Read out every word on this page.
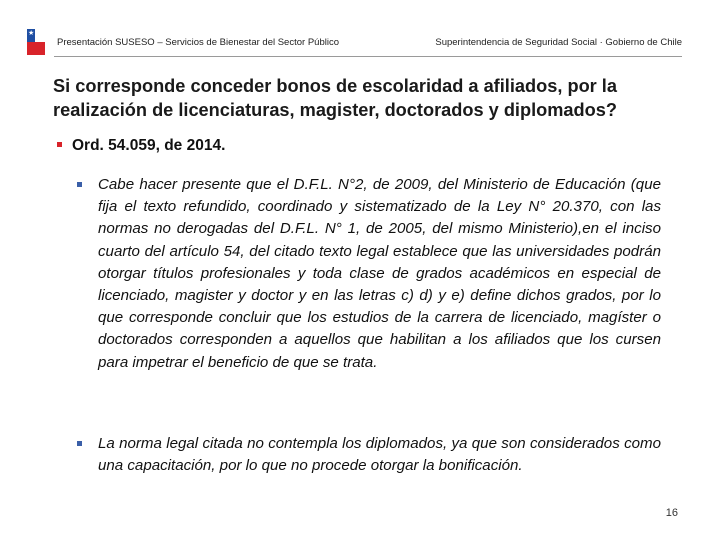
★
Presentación SUSESO – Servicios de Bienestar del Sector Público	Superintendencia de Seguridad Social · Gobierno de Chile
Si corresponde conceder bonos de escolaridad a afiliados, por la realización de licenciaturas, magister, doctorados y diplomados?
Ord. 54.059, de 2014.
Cabe hacer presente que el D.F.L. N°2, de 2009, del Ministerio de Educación (que fija el texto refundido, coordinado y sistematizado de la Ley N° 20.370, con las normas no derogadas del D.F.L. N° 1, de 2005, del mismo Ministerio),en el inciso cuarto del artículo 54, del citado texto legal establece que las universidades podrán otorgar títulos profesionales y toda clase de grados académicos en especial de licenciado, magister y doctor y en las letras c) d) y e) define dichos grados, por lo que corresponde concluir que los estudios de la carrera de licenciado, magíster o doctorados corresponden a aquellos que habilitan a los afiliados que los cursen para impetrar el beneficio de que se trata.
La norma legal citada no contempla los diplomados, ya que son considerados como una capacitación, por lo que no procede otorgar la bonificación.
16
